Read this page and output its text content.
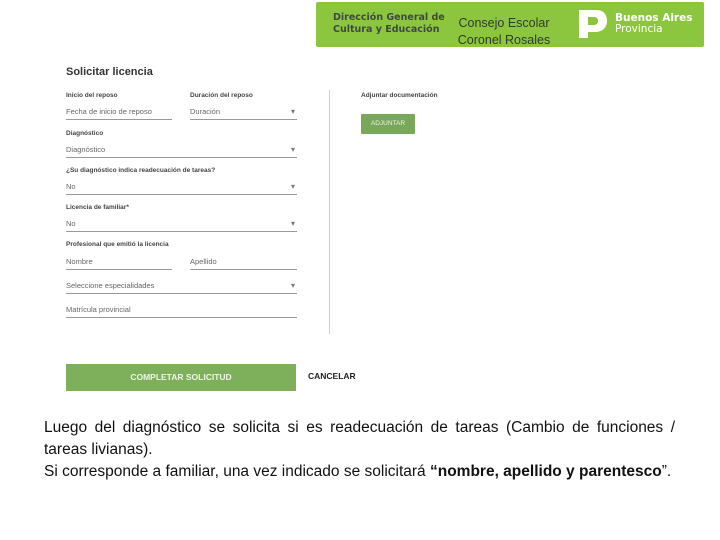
Dirección General de
Cultura y Educación	Consejo Escolar
Coronel Rosales
Buenos Aires
Provincia
Solicitar licencia
Inicio del reposo
Fecha de inicio de reposo
Duración del reposo
Duración ▾
Adjuntar documentación
ADJUNTAR
Diagnóstico
Diagnóstico ▾
¿Su diagnóstico indica readecuación de tareas?
No ▾
Licencia de familiar*
No ▾
Profesional que emitió la licencia
Nombre	Apellido
Seleccione especialidades ▾
Matrícula provincial
COMPLETAR SOLICITUD	CANCELAR

Luego del diagnóstico se solicita si es readecuación de tareas (Cambio de funciones / tareas livianas).

Si corresponde a familiar, una vez indicado se solicitará “nombre, apellido y parentesco”.
